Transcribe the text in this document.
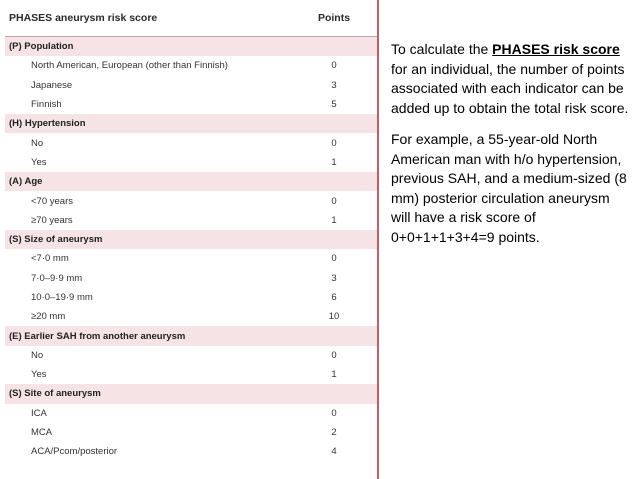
PHASES aneurysm risk score	Points
(P) Population
North American, European (other than Finnish)	0
Japanese	3
Finnish	5
(H) Hypertension
No	0
Yes	1
(A) Age
<70 years	0
≥70 years	1
(S) Size of aneurysm
<7·0 mm	0
7·0–9·9 mm	3
10·0–19·9 mm	6
≥20 mm	10
(E) Earlier SAH from another aneurysm
No	0
Yes	1
(S) Site of aneurysm
ICA	0
MCA	2
ACA/Pcom/posterior	4

To calculate the PHASES risk score for an individual, the number of points associated with each indicator can be added up to obtain the total risk score.

For example, a 55-year-old North American man with h/o hypertension, previous SAH, and a medium-sized (8 mm) posterior circulation aneurysm will have a risk score of 0+0+1+1+3+4=9 points.
